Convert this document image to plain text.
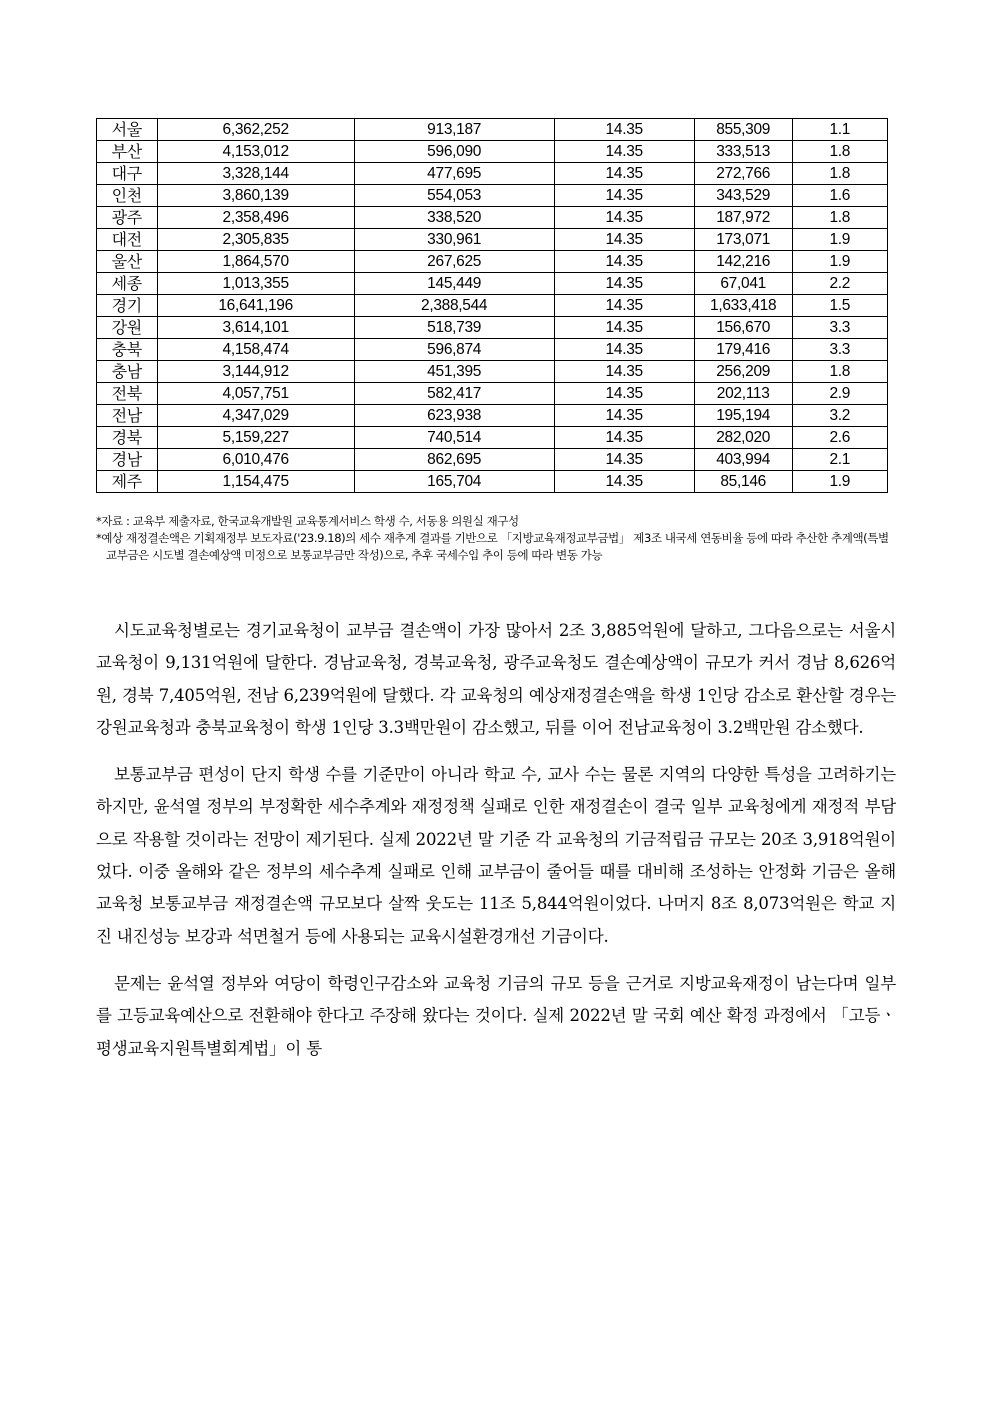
서울	6,362,252	913,187	14.35	855,309	1.1
부산	4,153,012	596,090	14.35	333,513	1.8
대구	3,328,144	477,695	14.35	272,766	1.8
인천	3,860,139	554,053	14.35	343,529	1.6
광주	2,358,496	338,520	14.35	187,972	1.8
대전	2,305,835	330,961	14.35	173,071	1.9
울산	1,864,570	267,625	14.35	142,216	1.9
세종	1,013,355	145,449	14.35	67,041	2.2
경기	16,641,196	2,388,544	14.35	1,633,418	1.5
강원	3,614,101	518,739	14.35	156,670	3.3
충북	4,158,474	596,874	14.35	179,416	3.3
충남	3,144,912	451,395	14.35	256,209	1.8
전북	4,057,751	582,417	14.35	202,113	2.9
전남	4,347,029	623,938	14.35	195,194	3.2
경북	5,159,227	740,514	14.35	282,020	2.6
경남	6,010,476	862,695	14.35	403,994	2.1
제주	1,154,475	165,704	14.35	85,146	1.9

*자료 : 교육부 제출자료, 한국교육개발원 교육통계서비스 학생 수, 서동용 의원실 재구성

*예상 재정결손액은 기획재정부 보도자료('23.9.18)의 세수 재추계 결과를 기반으로 「지방교육재정교부금법」 제3조 내국세 연동비율 등에 따라 추산한 추계액(특별교부금은 시도별 결손예상액 미정으로 보통교부금만 작성)으로, 추후 국세수입 추이 등에 따라 변동 가능

시도교육청별로는 경기교육청이 교부금 결손액이 가장 많아서 2조 3,885억원에 달하고, 그다음으로는 서울시 교육청이 9,131억원에 달한다. 경남교육청, 경북교육청, 광주교육청도 결손예상액이 규모가 커서 경남 8,626억원, 경북 7,405억원, 전남 6,239억원에 달했다. 각 교육청의 예상재정결손액을 학생 1인당 감소로 환산할 경우는 강원교육청과 충북교육청이 학생 1인당 3.3백만원이 감소했고, 뒤를 이어 전남교육청이 3.2백만원 감소했다.

보통교부금 편성이 단지 학생 수를 기준만이 아니라 학교 수, 교사 수는 물론 지역의 다양한 특성을 고려하기는 하지만, 윤석열 정부의 부정확한 세수추계와 재정정책 실패로 인한 재정결손이 결국 일부 교육청에게 재정적 부담으로 작용할 것이라는 전망이 제기된다. 실제 2022년 말 기준 각 교육청의 기금적립금 규모는 20조 3,918억원이었다. 이중 올해와 같은 정부의 세수추계 실패로 인해 교부금이 줄어들 때를 대비해 조성하는 안정화 기금은 올해 교육청 보통교부금 재정결손액 규모보다 살짝 웃도는 11조 5,844억원이었다. 나머지 8조 8,073억원은 학교 지진 내진성능 보강과 석면철거 등에 사용되는 교육시설환경개선 기금이다.

문제는 윤석열 정부와 여당이 학령인구감소와 교육청 기금의 규모 등을 근거로 지방교육재정이 남는다며 일부를 고등교육예산으로 전환해야 한다고 주장해 왔다는 것이다. 실제 2022년 말 국회 예산 확정 과정에서 「고등ㆍ평생교육지원특별회계법」이 통
